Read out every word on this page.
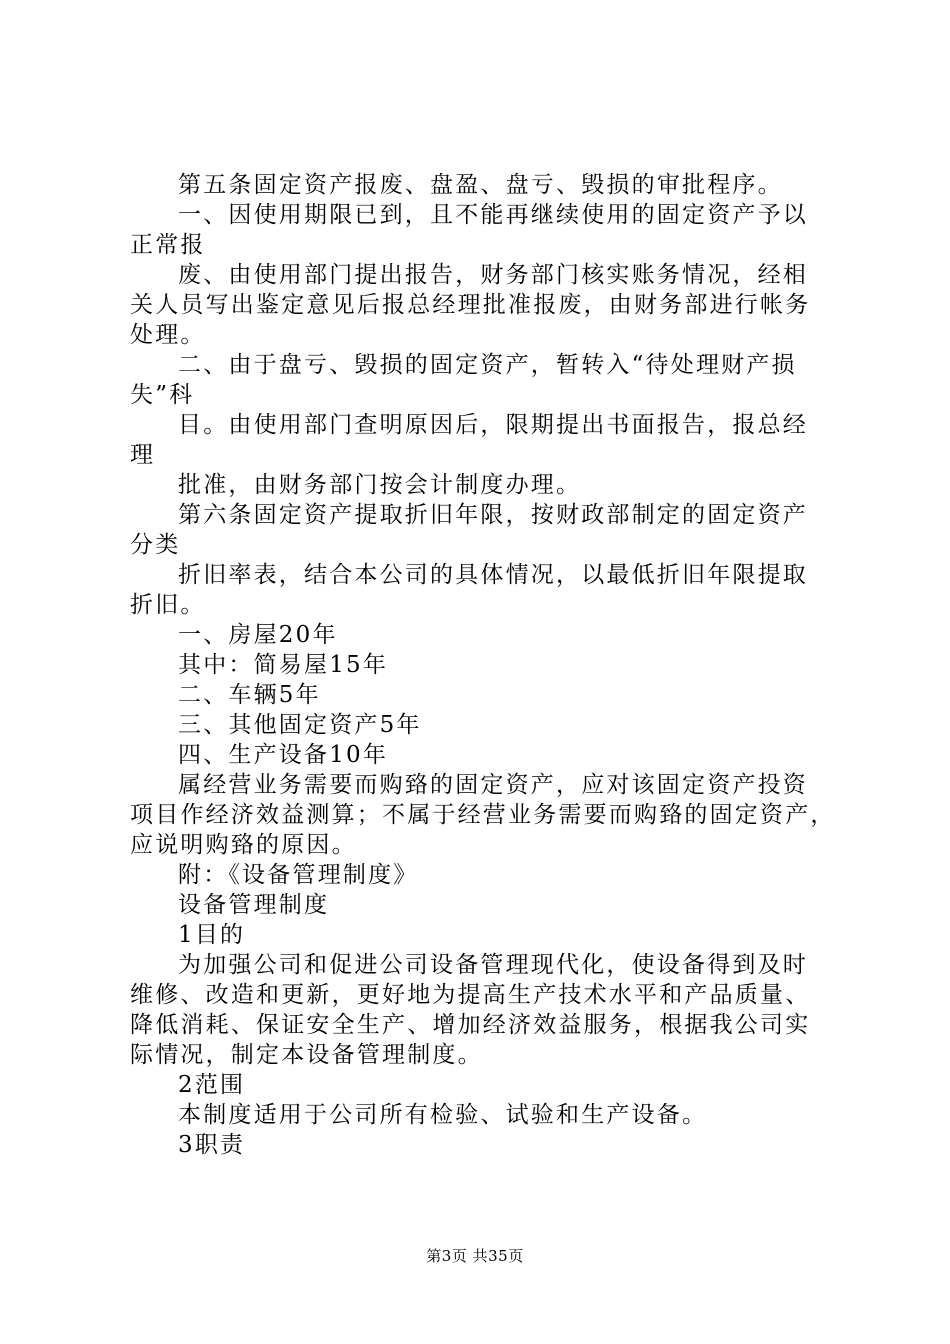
第五条固定资产报废、盘盈、盘亏、毁损的审批程序。
一、因使用期限已到，且不能再继续使用的固定资产予以
正常报
废、由使用部门提出报告，财务部门核实账务情况，经相
关人员写出鉴定意见后报总经理批准报废，由财务部进行帐务
处理。
二、由于盘亏、毁损的固定资产，暂转入“待处理财产损
失”科
目。由使用部门查明原因后，限期提出书面报告，报总经
理
批准，由财务部门按会计制度办理。
第六条固定资产提取折旧年限，按财政部制定的固定资产
分类
折旧率表，结合本公司的具体情况，以最低折旧年限提取
折旧。
一、房屋20年
其中：简易屋15年
二、车辆5年
三、其他固定资产5年
四、生产设备10年
属经营业务需要而购臵的固定资产，应对该固定资产投资
项目作经济效益测算；不属于经营业务需要而购臵的固定资产，
应说明购臵的原因。
附：《设备管理制度》
设备管理制度
1目的
为加强公司和促进公司设备管理现代化，使设备得到及时
维修、改造和更新，更好地为提高生产技术水平和产品质量、
降低消耗、保证安全生产、增加经济效益服务，根据我公司实
际情况，制定本设备管理制度。
2范围
本制度适用于公司所有检验、试验和生产设备。
3职责
第3页 共35页
